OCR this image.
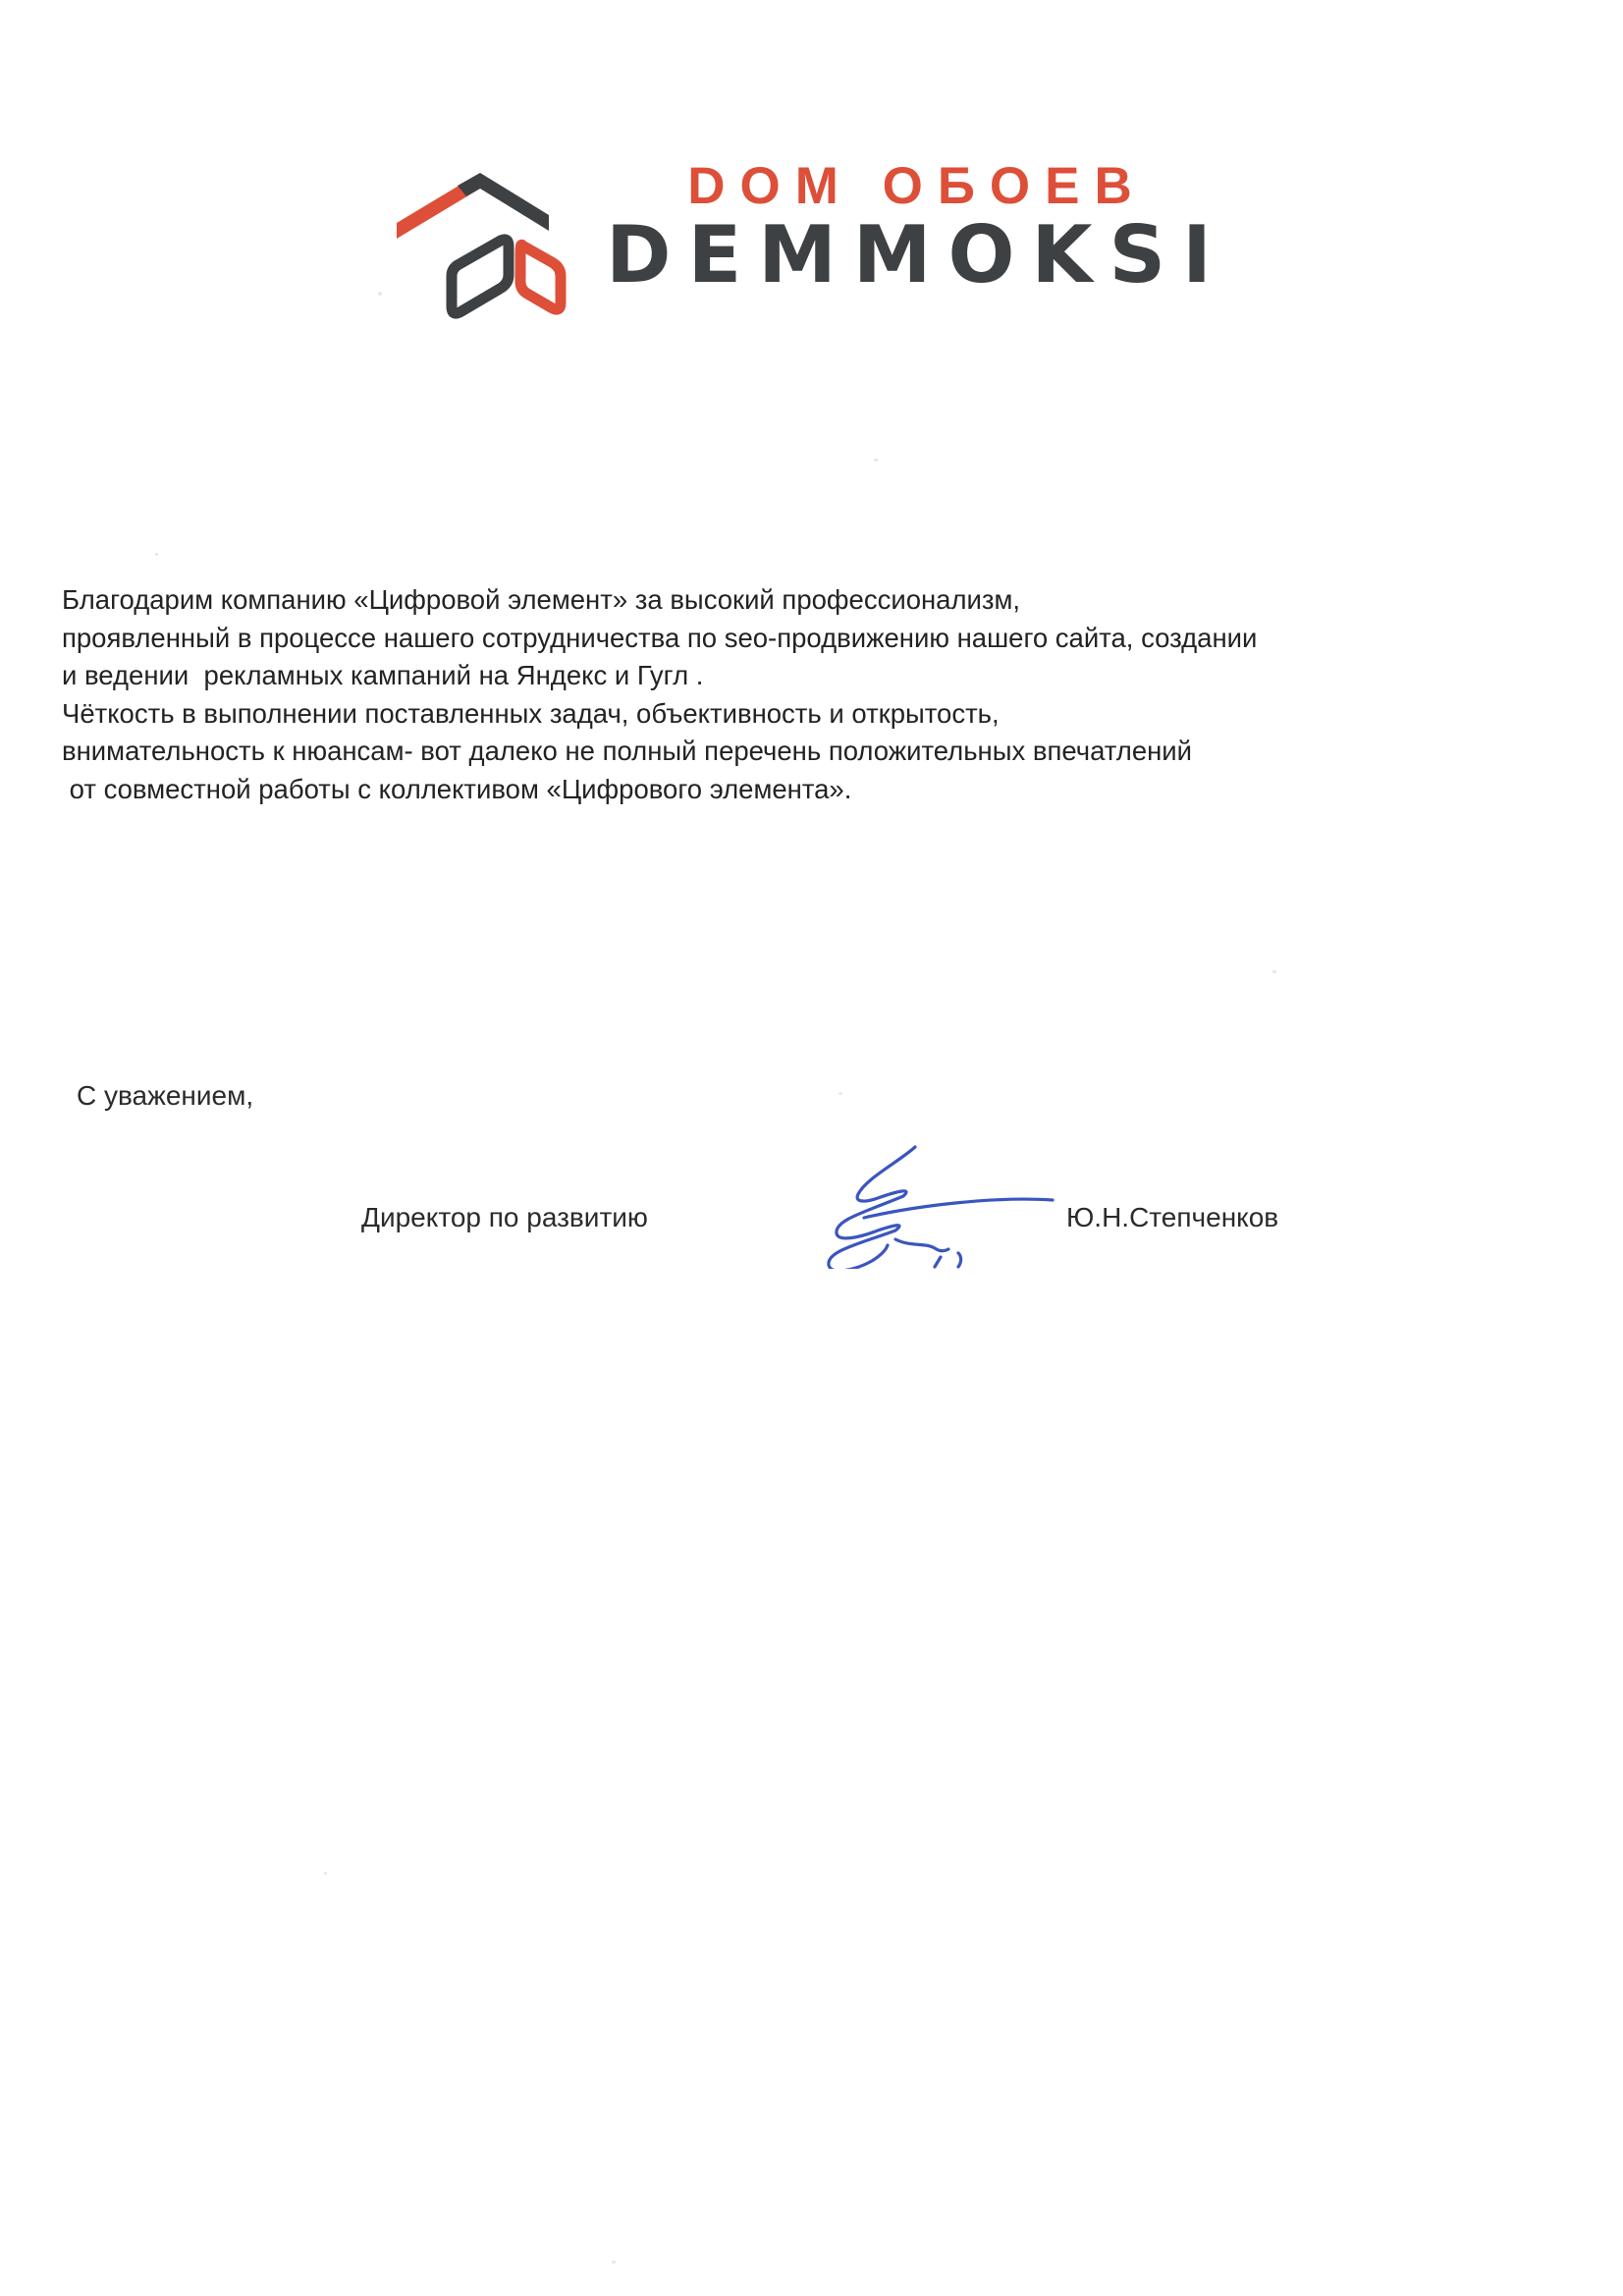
DOM ОБОЕВ
DEMMOKSI
Благодарим компанию «Цифровой элемент» за высокий профессионализм,
проявленный в процессе нашего сотрудничества по seo-продвижению нашего сайта, создании
и ведении  рекламных кампаний на Яндекс и Гугл .
Чёткость в выполнении поставленных задач, объективность и открытость,
внимательность к нюансам- вот далеко не полный перечень положительных впечатлений
от совместной работы с коллективом «Цифрового элемента».
С уважением,
Директор по развитию	Ю.Н.Степченков
